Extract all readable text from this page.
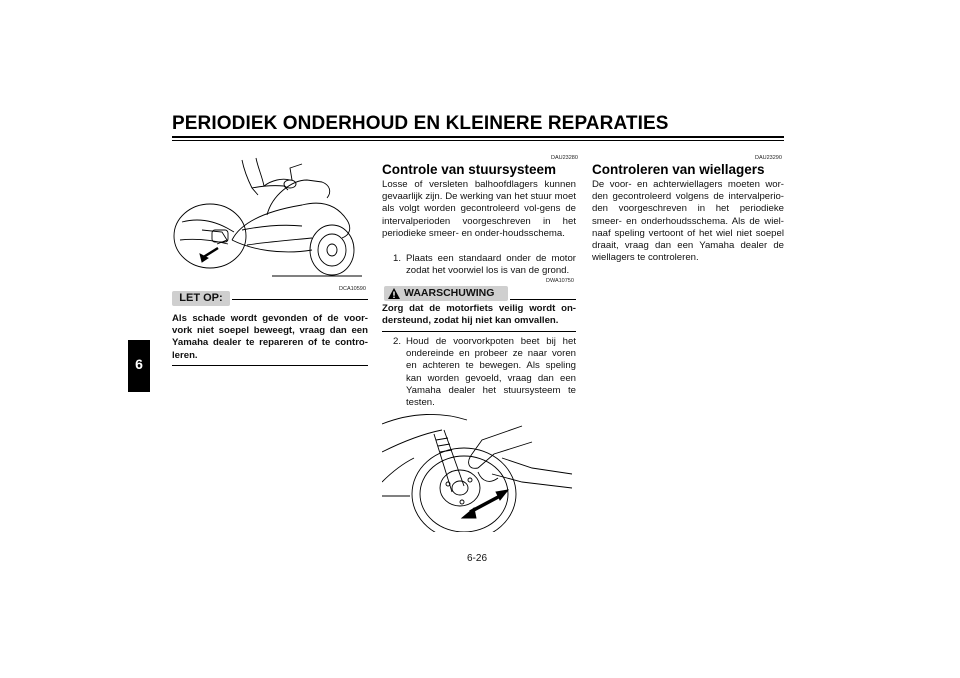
PERIODIEK ONDERHOUD EN KLEINERE REPARATIES
6
DCA10590
LET OP:
Als schade wordt gevonden of de voor-vork niet soepel beweegt, vraag dan een Yamaha dealer te repareren of te contro-leren.
DAU23280
Controle van stuursysteem
Losse of versleten balhoofdlagers kunnen gevaarlijk zijn. De werking van het stuur moet als volgt worden gecontroleerd vol-gens de intervalperioden voorgeschreven in het periodieke smeer- en onder-houdsschema.
1. Plaats een standaard onder de motor zodat het voorwiel los is van de grond.
DWA10750
WAARSCHUWING
Zorg dat de motorfiets veilig wordt on-dersteund, zodat hij niet kan omvallen.
2. Houd de voorvorkpoten beet bij het ondereinde en probeer ze naar voren en achteren te bewegen. Als speling kan worden gevoeld, vraag dan een Yamaha dealer het stuursysteem te testen.
DAU23290
Controleren van wiellagers
De voor- en achterwiellagers moeten wor-den gecontroleerd volgens de intervalperio-den voorgeschreven in het periodieke smeer- en onderhoudsschema. Als de wiel-naaf speling vertoont of het wiel niet soepel draait, vraag dan een Yamaha dealer de wiellagers te controleren.
6-26
